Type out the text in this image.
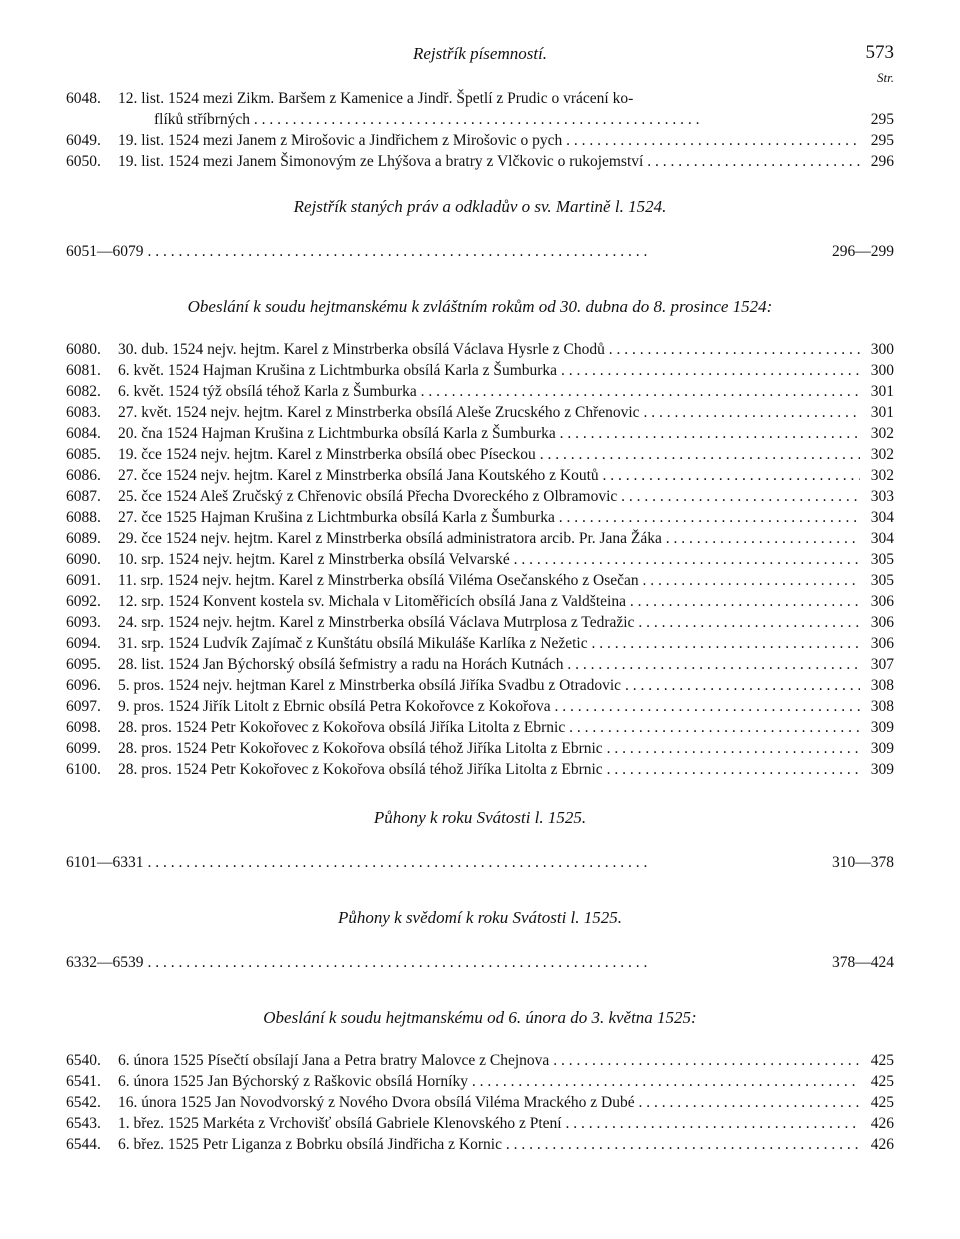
Rejstřík písemností.	573
Str.
6048.	12. list. 1524 mezi Zikm. Baršem z Kamenice a Jindř. Špetlí z Prudic o vrácení ko-
flíků stříbrných . . .	295
6049.	19. list. 1524 mezi Janem z Mirošovic a Jindřichem z Mirošovic o pych . . .	295
6050.	19. list. 1524 mezi Janem Šimonovým ze Lhýšova a bratry z Vlčkovic o rukojemství . . .	296
Rejstřík staných práv a odkladův o sv. Martině l. 1524.
6051—6079 . . .	296—299
Obeslání k soudu hejtmanskému k zvláštním rokům od 30. dubna do 8. prosince 1524:
6080.	30. dub. 1524 nejv. hejtm. Karel z Minstrberka obsílá Václava Hysrle z Chodů . . .	300
6081.	6. květ. 1524 Hajman Krušina z Lichtmburka obsílá Karla z Šumburka . . .	300
6082.	6. květ. 1524 týž obsílá téhož Karla z Šumburka . . .	301
6083.	27. květ. 1524 nejv. hejtm. Karel z Minstrberka obsílá Aleše Zrucského z Chřenovic . . .	301
6084.	20. čna 1524 Hajman Krušina z Lichtmburka obsílá Karla z Šumburka . . .	302
6085.	19. čce 1524 nejv. hejtm. Karel z Minstrberka obsílá obec Píseckou . . .	302
6086.	27. čce 1524 nejv. hejtm. Karel z Minstrberka obsílá Jana Koutského z Koutů . . .	302
6087.	25. čce 1524 Aleš Zručský z Chřenovic obsílá Přecha Dvoreckého z Olbramovic . . .	303
6088.	27. čce 1525 Hajman Krušina z Lichtmburka obsílá Karla z Šumburka . . .	304
6089.	29. čce 1524 nejv. hejtm. Karel z Minstrberka obsílá administratora arcib. Pr. Jana Žáka . . .	304
6090.	10. srp. 1524 nejv. hejtm. Karel z Minstrberka obsílá Velvarské . . .	305
6091.	11. srp. 1524 nejv. hejtm. Karel z Minstrberka obsílá Viléma Osečanského z Osečan . . .	305
6092.	12. srp. 1524 Konvent kostela sv. Michala v Litoměřicích obsílá Jana z Valdšteina . . .	306
6093.	24. srp. 1524 nejv. hejtm. Karel z Minstrberka obsílá Václava Mutrplosa z Tedražic . . .	306
6094.	31. srp. 1524 Ludvík Zajímač z Kunštátu obsílá Mikuláše Karlíka z Nežetic . . .	306
6095.	28. list. 1524 Jan Býchorský obsílá šefmistry a radu na Horách Kutnách . . .	307
6096.	5. pros. 1524 nejv. hejtman Karel z Minstrberka obsílá Jiříka Svadbu z Otradovic . . .	308
6097.	9. pros. 1524 Jiřík Litolt z Ebrnic obsílá Petra Kokořovce z Kokořova . . .	308
6098.	28. pros. 1524 Petr Kokořovec z Kokořova obsílá Jiříka Litolta z Ebrnic . . .	309
6099.	28. pros. 1524 Petr Kokořovec z Kokořova obsílá téhož Jiříka Litolta z Ebrnic . . .	309
6100.	28. pros. 1524 Petr Kokořovec z Kokořova obsílá téhož Jiříka Litolta z Ebrnic . . .	309
Půhony k roku Svátosti l. 1525.
6101—6331 . . .	310—378
Půhony k svědomí k roku Svátosti l. 1525.
6332—6539 . . .	378—424
Obeslání k soudu hejtmanskému od 6. února do 3. května 1525:
6540.	6. února 1525 Písečtí obsílají Jana a Petra bratry Malovce z Chejnova . . .	425
6541.	6. února 1525 Jan Býchorský z Raškovic obsílá Horníky . . .	425
6542.	16. února 1525 Jan Novodvorský z Nového Dvora obsílá Viléma Mrackého z Dubé . . .	425
6543.	1. břez. 1525 Markéta z Vrchovišť obsílá Gabriele Klenovského z Ptení . . .	426
6544.	6. břez. 1525 Petr Liganza z Bobrku obsílá Jindřicha z Kornic . . .	426
